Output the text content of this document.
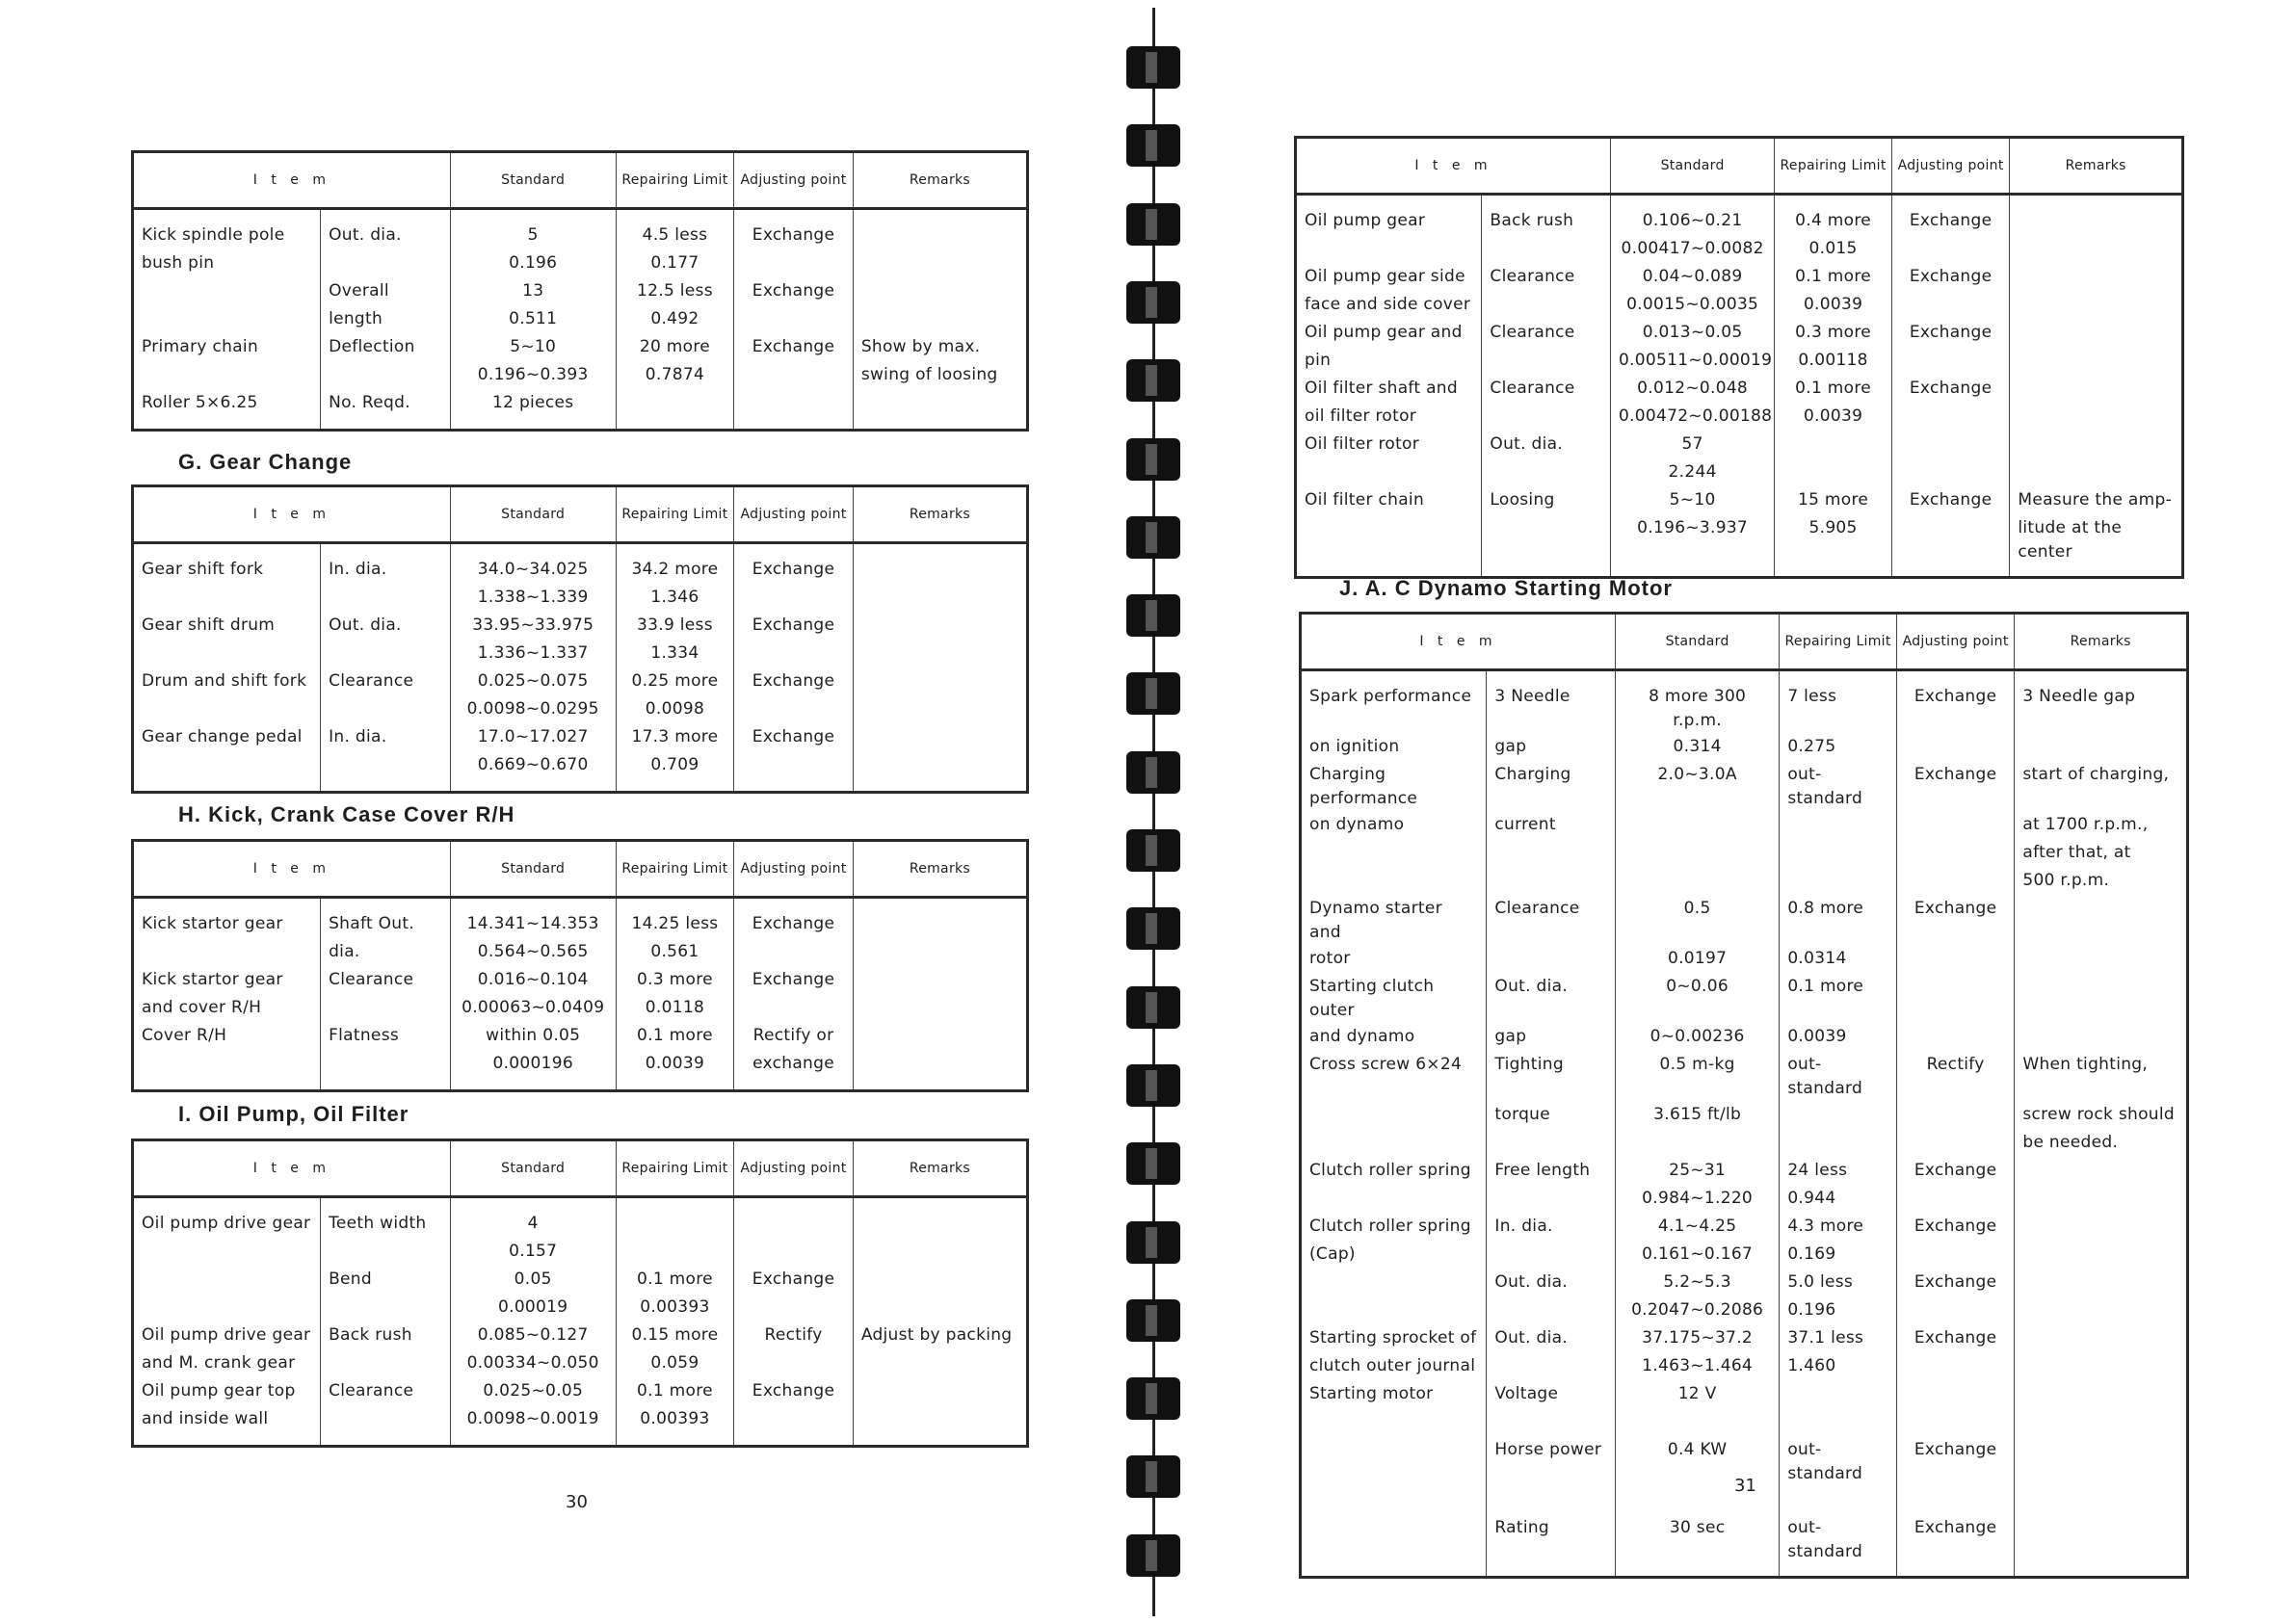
I t e m		Standard	Repairing Limit	Adjusting point	Remarks
Kick spindle pole	Out. dia.	5	4.5 less	Exchange	
bush pin		0.196	0.177		
	Overall	13	12.5 less	Exchange	
	length	0.511	0.492		
Primary chain	Deflection	5~10	20 more	Exchange	Show by max.
		0.196~0.393	0.7874		swing of loosing
Roller 5×6.25	No. Reqd.	12 pieces			
G. Gear Change
I t e m		Standard	Repairing Limit	Adjusting point	Remarks
Gear shift fork	In. dia.	34.0~34.025	34.2 more	Exchange	
		1.338~1.339	1.346		
Gear shift drum	Out. dia.	33.95~33.975	33.9 less	Exchange	
		1.336~1.337	1.334		
Drum and shift fork	Clearance	0.025~0.075	0.25 more	Exchange	
		0.0098~0.0295	0.0098		
Gear change pedal	In. dia.	17.0~17.027	17.3 more	Exchange	
		0.669~0.670	0.709		
H. Kick, Crank Case Cover R/H
I t e m		Standard	Repairing Limit	Adjusting point	Remarks
Kick startor gear	Shaft Out.	14.341~14.353	14.25 less	Exchange	
	dia.	0.564~0.565	0.561		
Kick startor gear	Clearance	0.016~0.104	0.3 more	Exchange	
and cover R/H		0.00063~0.0409	0.0118		
Cover R/H	Flatness	within 0.05	0.1 more	Rectify or	
		0.000196	0.0039	exchange	
I. Oil Pump, Oil Filter
I t e m		Standard	Repairing Limit	Adjusting point	Remarks
Oil pump drive gear	Teeth width	4			
		0.157			
	Bend	0.05	0.1 more	Exchange	
		0.00019	0.00393		
Oil pump drive gear	Back rush	0.085~0.127	0.15 more	Rectify	Adjust by packing
and M. crank gear		0.00334~0.050	0.059		
Oil pump gear top	Clearance	0.025~0.05	0.1 more	Exchange	
and inside wall		0.0098~0.0019	0.00393		
30
I t e m		Standard	Repairing Limit	Adjusting point	Remarks
Oil pump gear	Back rush	0.106~0.21	0.4 more	Exchange	
		0.00417~0.0082	0.015		
Oil pump gear side	Clearance	0.04~0.089	0.1 more	Exchange	
face and side cover		0.0015~0.0035	0.0039		
Oil pump gear and	Clearance	0.013~0.05	0.3 more	Exchange	
pin		0.00511~0.00019	0.00118		
Oil filter shaft and	Clearance	0.012~0.048	0.1 more	Exchange	
oil filter rotor		0.00472~0.00188	0.0039		
Oil filter rotor	Out. dia.	57			
		2.244			
Oil filter chain	Loosing	5~10	15 more	Exchange	Measure the amp-
		0.196~3.937	5.905		litude at the center
J. A. C Dynamo Starting Motor
I t e m		Standard	Repairing Limit	Adjusting point	Remarks
Spark performance	3 Needle	8 more 300 r.p.m.	7 less	Exchange	3 Needle gap
on ignition	gap	0.314	0.275		
Charging performance	Charging	2.0~3.0A	out-standard	Exchange	start of charging,
on dynamo	current				at 1700 r.p.m.,
					after that, at
					500 r.p.m.
Dynamo starter and	Clearance	0.5	0.8 more	Exchange	
rotor		0.0197	0.0314		
Starting clutch outer	Out. dia.	0~0.06	0.1 more		
and dynamo	gap	0~0.00236	0.0039		
Cross screw 6×24	Tighting	0.5 m-kg	out-standard	Rectify	When tighting,
	torque	3.615 ft/lb			screw rock should
					be needed.
Clutch roller spring	Free length	25~31	24 less	Exchange	
		0.984~1.220	0.944		
Clutch roller spring	In. dia.	4.1~4.25	4.3 more	Exchange	
(Cap)		0.161~0.167	0.169		
	Out. dia.	5.2~5.3	5.0 less	Exchange	
		0.2047~0.2086	0.196		
Starting sprocket of	Out. dia.	37.175~37.2	37.1 less	Exchange	
clutch outer journal		1.463~1.464	1.460		
Starting motor	Voltage	12 V			

	Horse power	0.4 KW	out-standard	Exchange	

	Rating	30 sec	out-standard	Exchange	
31
